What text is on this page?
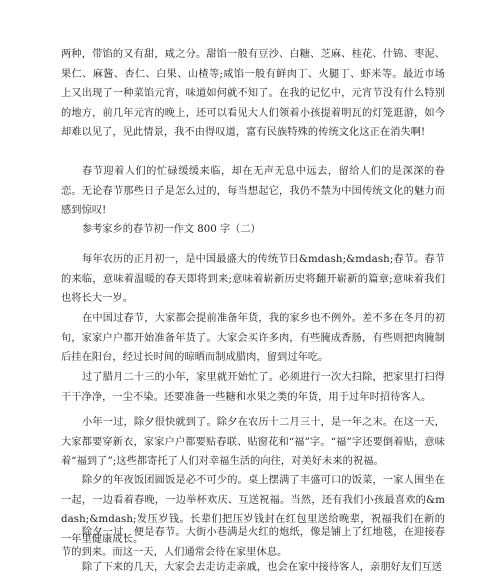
两种，带馅的又有甜，咸之分。甜馅一般有豆沙、白糖、芝麻、桂花、什锦、枣泥、果仁、麻酱、杏仁、白果、山楂等;咸馅一般有鲜肉丁、火腿丁、虾米等。最近市场上又出现了一种菜馅元宵，味道如何就不知了。在我的记忆中，元宵节没有什么特别的地方，前几年元宵的晚上，还可以看见大人们领着小孩提着明瓦的灯笼逛游，如今却难以见了，见此情景，我不由得叹道，富有民族特殊的传统文化这正在消失啊!

春节迎着人们的忙碌缓缓来临，却在无声无息中远去，留给人们的是深深的眷恋。无论春节那些日子是怎么过的，每当想起它，我仍不禁为中国传统文化的魅力而感到惊叹!

参考家乡的春节初一作文 800 字（二）

每年农历的正月初一，是中国最盛大的传统节日&mdash;&mdash;春节。春节的来临，意味着温暖的春天即将到来;意味着崭新历史将翻开崭新的篇章;意味着我们也将长大一岁。

在中国过春节，大家都会提前准备年货，我的家乡也不例外。差不多在冬月的初旬，家家户户都开始准备年货了。大家会买许多肉，有些腌成香肠，有些则把肉腌制后挂在阳台，经过长时间的晾晒而制成腊肉，留到过年吃。

过了腊月二十三的小年，家里就开始忙了。必须进行一次大扫除，把家里打扫得干干净净，一尘不染。还要准备一些糖和水果之类的年货，用于过年时招待客人。

小年一过，除夕很快就到了。除夕在农历十二月三十，是一年之末。在这一天，大家都要穿新衣，家家户户都要贴春联、贴窗花和“福”字。“福”字还要倒着贴，意味着“福到了”;这些都寄托了人们对幸福生活的向往，对美好未来的祝福。

除夕的年夜饭团圆饭是必不可少的。桌上摆满了丰盛可口的饭菜，一家人围坐在一起，一边看着春晚，一边举杯欢庆、互送祝福。当然，还有我们小孩最喜欢的&mdash;&mdash;发压岁钱。长辈们把压岁钱封在红包里送给晚辈，祝福我们在新的一年里健康成长。

除夕一过，便是春节。大街小巷满是火红的炮纸，像是铺上了红地毯，在迎接春节的到来。而这一天，人们通常会待在家里休息。

除了下来的几天，大家会去走访走亲戚，也会在家中接待客人，亲朋好友们互送
